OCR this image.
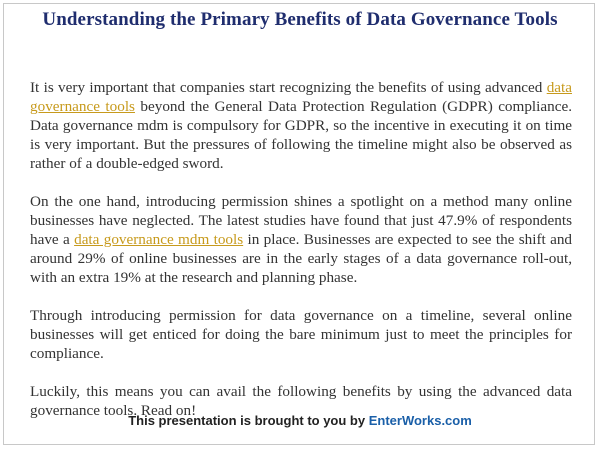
Understanding the Primary Benefits of Data Governance Tools

It is very important that companies start recognizing the benefits of using advanced data governance tools beyond the General Data Protection Regulation (GDPR) compliance. Data governance mdm is compulsory for GDPR, so the incentive in executing it on time is very important. But the pressures of following the timeline might also be observed as rather of a double-edged sword.

On the one hand, introducing permission shines a spotlight on a method many online businesses have neglected. The latest studies have found that just 47.9% of respondents have a data governance mdm tools in place. Businesses are expected to see the shift and around 29% of online businesses are in the early stages of a data governance roll-out, with an extra 19% at the research and planning phase.

Through introducing permission for data governance on a timeline, several online businesses will get enticed for doing the bare minimum just to meet the principles for compliance.

Luckily, this means you can avail the following benefits by using the advanced data governance tools. Read on!

This presentation is brought to you by EnterWorks.com
